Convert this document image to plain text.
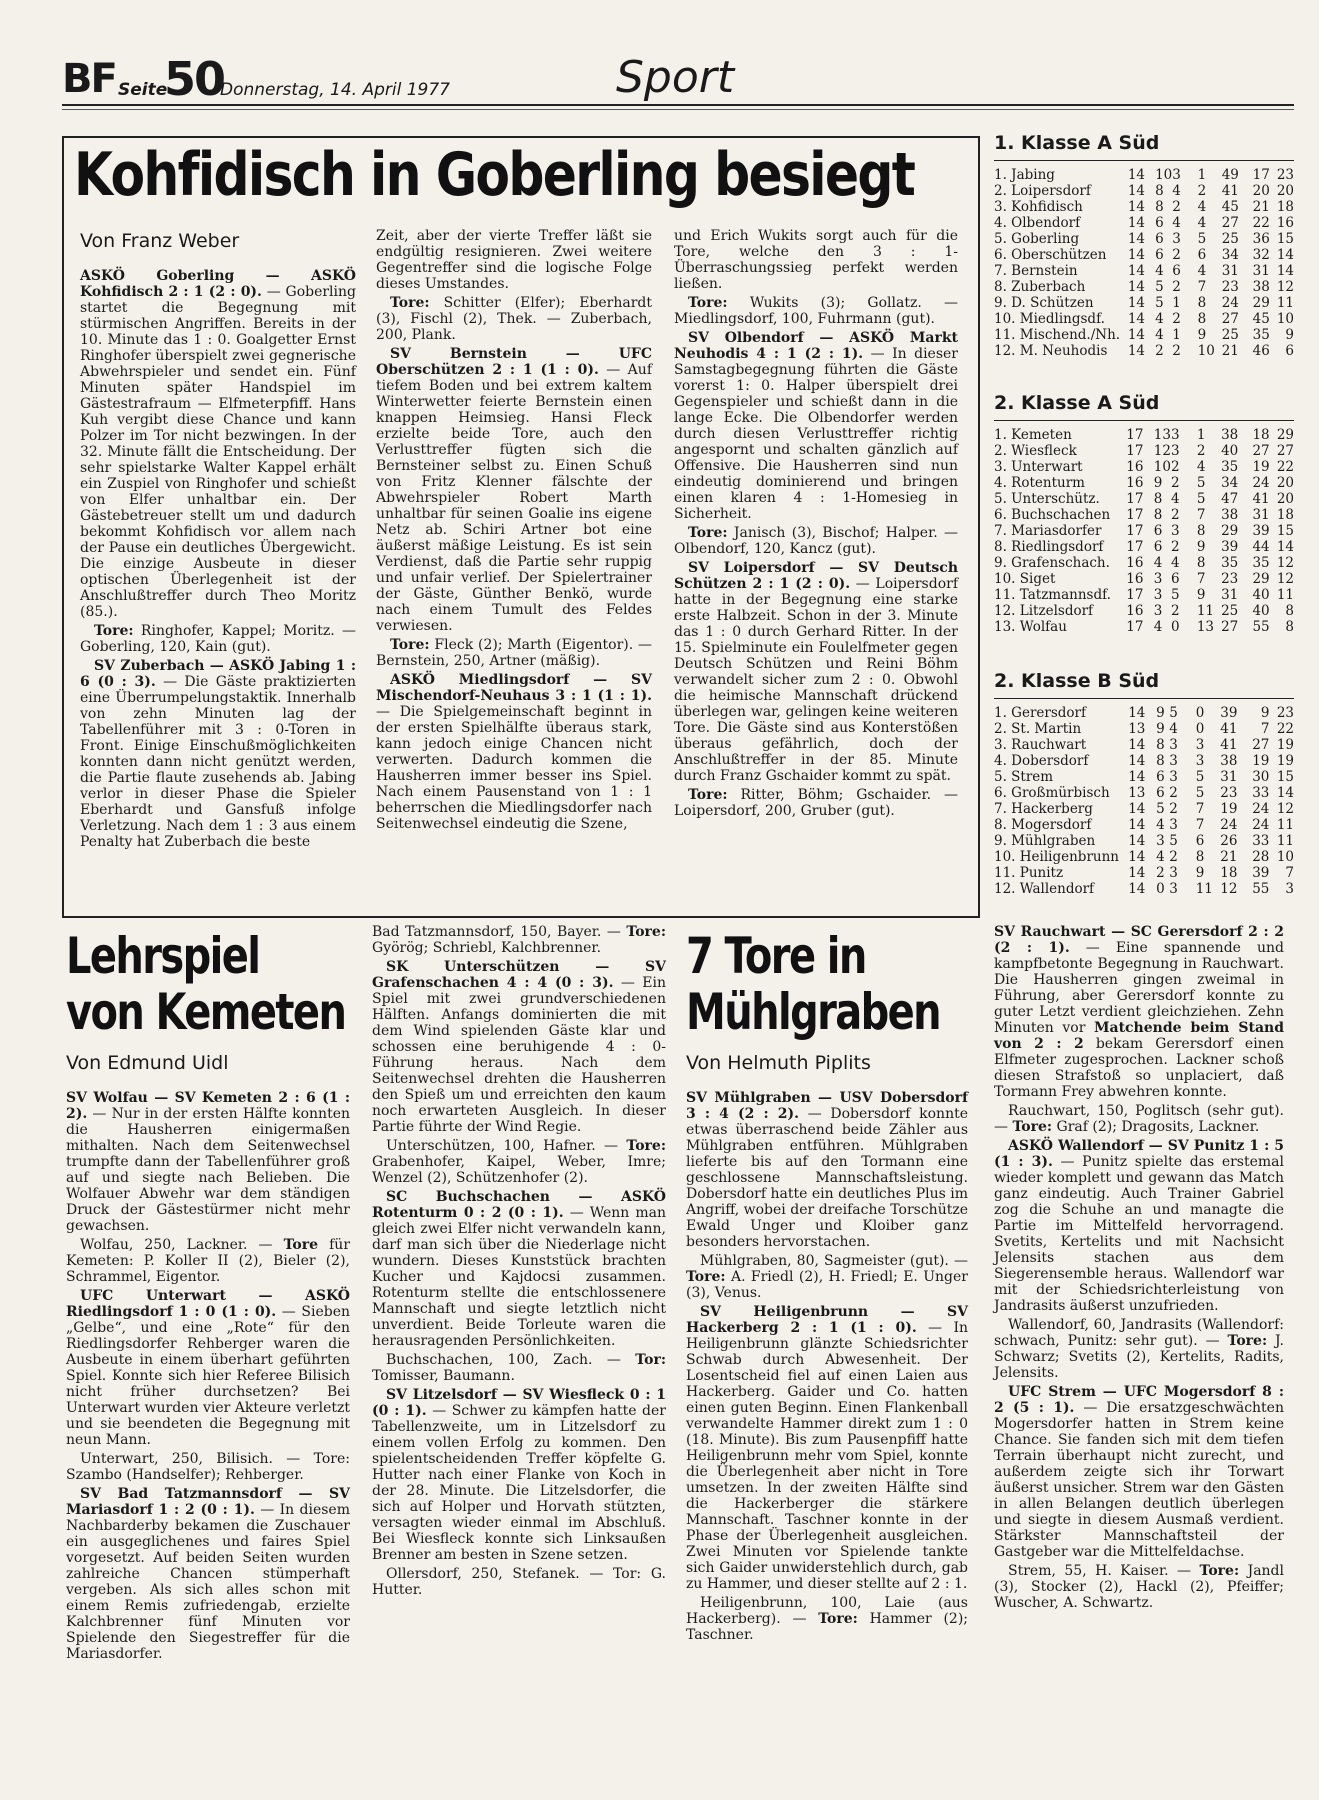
BF Seite
50
Donnerstag, 14. April 1977	Sport
Kohfidisch in Goberling besiegt
Von Franz Weber

ASKÖ Goberling — ASKÖ Kohfidisch 2 : 1 (2 : 0). — Goberling startet die Begegnung mit stürmischen Angriffen. Bereits in der 10. Minute das 1 : 0. Goalgetter Ernst Ringhofer überspielt zwei gegnerische Abwehrspieler und sendet ein. Fünf Minuten später Handspiel im Gästestrafraum — Elfmeterpfiff. Hans Kuh vergibt diese Chance und kann Polzer im Tor nicht bezwingen. In der 32. Minute fällt die Entscheidung. Der sehr spielstarke Walter Kappel erhält ein Zuspiel von Ringhofer und schießt von Elfer unhaltbar ein. Der Gästebetreuer stellt um und dadurch bekommt Kohfidisch vor allem nach der Pause ein deutliches Übergewicht. Die einzige Ausbeute in dieser optischen Überlegenheit ist der Anschlußtreffer durch Theo Moritz (85.).

Tore: Ringhofer, Kappel; Moritz. — Goberling, 120, Kain (gut).

SV Zuberbach — ASKÖ Jabing 1 : 6 (0 : 3). — Die Gäste praktizierten eine Überrumpelungstaktik. Innerhalb von zehn Minuten lag der Tabellenführer mit 3 : 0-Toren in Front. Einige Einschußmöglichkeiten konnten dann nicht genützt werden, die Partie flaute zusehends ab. Jabing verlor in dieser Phase die Spieler Eberhardt und Gansfuß infolge Verletzung. Nach dem 1 : 3 aus einem Penalty hat Zuberbach die beste

Zeit, aber der vierte Treffer läßt sie endgültig resignieren. Zwei weitere Gegentreffer sind die logische Folge dieses Umstandes.

Tore: Schitter (Elfer); Eberhardt (3), Fischl (2), Thek. — Zuberbach, 200, Plank.

SV Bernstein — UFC Oberschützen 2 : 1 (1 : 0). — Auf tiefem Boden und bei extrem kaltem Winterwetter feierte Bernstein einen knappen Heimsieg. Hansi Fleck erzielte beide Tore, auch den Verlusttreffer fügten sich die Bernsteiner selbst zu. Einen Schuß von Fritz Klenner fälschte der Abwehrspieler Robert Marth unhaltbar für seinen Goalie ins eigene Netz ab. Schiri Artner bot eine äußerst mäßige Leistung. Es ist sein Verdienst, daß die Partie sehr ruppig und unfair verlief. Der Spielertrainer der Gäste, Günther Benkö, wurde nach einem Tumult des Feldes verwiesen.

Tore: Fleck (2); Marth (Eigentor). — Bernstein, 250, Artner (mäßig).

ASKÖ Miedlingsdorf — SV Mischendorf-Neuhaus 3 : 1 (1 : 1). — Die Spielgemeinschaft beginnt in der ersten Spielhälfte überaus stark, kann jedoch einige Chancen nicht verwerten. Dadurch kommen die Hausherren immer besser ins Spiel. Nach einem Pausenstand von 1 : 1 beherrschen die Miedlingsdorfer nach Seitenwechsel eindeutig die Szene,

und Erich Wukits sorgt auch für die Tore, welche den 3 : 1-Überraschungssieg perfekt werden ließen.

Tore: Wukits (3); Gollatz. — Miedlingsdorf, 100, Fuhrmann (gut).

SV Olbendorf — ASKÖ Markt Neuhodis 4 : 1 (2 : 1). — In dieser Samstagbegegnung führten die Gäste vorerst 1: 0. Halper überspielt drei Gegenspieler und schießt dann in die lange Ecke. Die Olbendorfer werden durch diesen Verlusttreffer richtig angespornt und schalten gänzlich auf Offensive. Die Hausherren sind nun eindeutig dominierend und bringen einen klaren 4 : 1-Homesieg in Sicherheit.

Tore: Janisch (3), Bischof; Halper. — Olbendorf, 120, Kancz (gut).

SV Loipersdorf — SV Deutsch Schützen 2 : 1 (2 : 0). — Loipersdorf hatte in der Begegnung eine starke erste Halbzeit. Schon in der 3. Minute das 1 : 0 durch Gerhard Ritter. In der 15. Spielminute ein Foulelfmeter gegen Deutsch Schützen und Reini Böhm verwandelt sicher zum 2 : 0. Obwohl die heimische Mannschaft drückend überlegen war, gelingen keine weiteren Tore. Die Gäste sind aus Konterstößen überaus gefährlich, doch der Anschlußtreffer in der 85. Minute durch Franz Gschaider kommt zu spät.

Tore: Ritter, Böhm; Gschaider. — Loipersdorf, 200, Gruber (gut).

1. Klasse A Süd
1. Jabing	14	10	3	1	49	17	23
2. Loipersdorf	14	8	4	2	41	20	20
3. Kohfidisch	14	8	2	4	45	21	18
4. Olbendorf	14	6	4	4	27	22	16
5. Goberling	14	6	3	5	25	36	15
6. Oberschützen	14	6	2	6	34	32	14
7. Bernstein	14	4	6	4	31	31	14
8. Zuberbach	14	5	2	7	23	38	12
9. D. Schützen	14	5	1	8	24	29	11
10. Miedlingsdf.	14	4	2	8	27	45	10
11. Mischend./Nh.	14	4	1	9	25	35	9
12. M. Neuhodis	14	2	2	10	21	46	6
2. Klasse A Süd
1. Kemeten	17	13	3	1	38	18	29
2. Wiesfleck	17	12	3	2	40	27	27
3. Unterwart	16	10	2	4	35	19	22
4. Rotenturm	16	9	2	5	34	24	20
5. Unterschütz.	17	8	4	5	47	41	20
6. Buchschachen	17	8	2	7	38	31	18
7. Mariasdorfer	17	6	3	8	29	39	15
8. Riedlingsdorf	17	6	2	9	39	44	14
9. Grafenschach.	16	4	4	8	35	35	12
10. Siget	16	3	6	7	23	29	12
11. Tatzmannsdf.	17	3	5	9	31	40	11
12. Litzelsdorf	16	3	2	11	25	40	8
13. Wolfau	17	4	0	13	27	55	8
2. Klasse B Süd
1. Gerersdorf	14	9	5	0	39	9	23
2. St. Martin	13	9	4	0	41	7	22
3. Rauchwart	14	8	3	3	41	27	19
4. Dobersdorf	14	8	3	3	38	19	19
5. Strem	14	6	3	5	31	30	15
6. Großmürbisch	13	6	2	5	23	33	14
7. Hackerberg	14	5	2	7	19	24	12
8. Mogersdorf	14	4	3	7	24	24	11
9. Mühlgraben	14	3	5	6	26	33	11
10. Heiligenbrunn	14	4	2	8	21	28	10
11. Punitz	14	2	3	9	18	39	7
12. Wallendorf	14	0	3	11	12	55	3
Lehrspiel
von Kemeten
Von Edmund Uidl

SV Wolfau — SV Kemeten 2 : 6 (1 : 2). — Nur in der ersten Hälfte konnten die Hausherren einigermaßen mithalten. Nach dem Seitenwechsel trumpfte dann der Tabellenführer groß auf und siegte nach Belieben. Die Wolfauer Abwehr war dem ständigen Druck der Gästestürmer nicht mehr gewachsen.

Wolfau, 250, Lackner. — Tore für Kemeten: P. Koller II (2), Bieler (2), Schrammel, Eigentor.

UFC Unterwart — ASKÖ Riedlingsdorf 1 : 0 (1 : 0). — Sieben „Gelbe“, und eine „Rote“ für den Riedlingsdorfer Rehberger waren die Ausbeute in einem überhart geführten Spiel. Konnte sich hier Referee Bilisich nicht früher durchsetzen? Bei Unterwart wurden vier Akteure verletzt und sie beendeten die Begegnung mit neun Mann.

Unterwart, 250, Bilisich. — Tore: Szambo (Handselfer); Rehberger.

SV Bad Tatzmannsdorf — SV Mariasdorf 1 : 2 (0 : 1). — In diesem Nachbarderby bekamen die Zuschauer ein ausgeglichenes und faires Spiel vorgesetzt. Auf beiden Seiten wurden zahlreiche Chancen stümperhaft vergeben. Als sich alles schon mit einem Remis zufriedengab, erzielte Kalchbrenner fünf Minuten vor Spielende den Siegestreffer für die Mariasdorfer.

Bad Tatzmannsdorf, 150, Bayer. — Tore: Györög; Schriebl, Kalchbrenner.

SK Unterschützen — SV Grafenschachen 4 : 4 (0 : 3). — Ein Spiel mit zwei grundverschiedenen Hälften. Anfangs dominierten die mit dem Wind spielenden Gäste klar und schossen eine beruhigende 4 : 0-Führung heraus. Nach dem Seitenwechsel drehten die Hausherren den Spieß um und erreichten den kaum noch erwarteten Ausgleich. In dieser Partie führte der Wind Regie.

Unterschützen, 100, Hafner. — Tore: Grabenhofer, Kaipel, Weber, Imre; Wenzel (2), Schützenhofer (2).

SC Buchschachen — ASKÖ Rotenturm 0 : 2 (0 : 1). — Wenn man gleich zwei Elfer nicht verwandeln kann, darf man sich über die Niederlage nicht wundern. Dieses Kunststück brachten Kucher und Kajdocsi zusammen. Rotenturm stellte die entschlossenere Mannschaft und siegte letztlich nicht unverdient. Beide Torleute waren die herausragenden Persönlichkeiten.

Buchschachen, 100, Zach. — Tor: Tomisser, Baumann.

SV Litzelsdorf — SV Wiesfleck 0 : 1 (0 : 1). — Schwer zu kämpfen hatte der Tabellenzweite, um in Litzelsdorf zu einem vollen Erfolg zu kommen. Den spielentscheidenden Treffer köpfelte G. Hutter nach einer Flanke von Koch in der 28. Minute. Die Litzelsdorfer, die sich auf Holper und Horvath stützten, versagten wieder einmal im Abschluß. Bei Wiesfleck konnte sich Linksaußen Brenner am besten in Szene setzen.

Ollersdorf, 250, Stefanek. — Tor: G. Hutter.

7 Tore in
Mühlgraben
Von Helmuth Piplits

SV Mühlgraben — USV Dobersdorf 3 : 4 (2 : 2). — Dobersdorf konnte etwas überraschend beide Zähler aus Mühlgraben entführen. Mühlgraben lieferte bis auf den Tormann eine geschlossene Mannschaftsleistung. Dobersdorf hatte ein deutliches Plus im Angriff, wobei der dreifache Torschütze Ewald Unger und Kloiber ganz besonders hervorstachen.

Mühlgraben, 80, Sagmeister (gut). — Tore: A. Friedl (2), H. Friedl; E. Unger (3), Venus.

SV Heiligenbrunn — SV Hackerberg 2 : 1 (1 : 0). — In Heiligenbrunn glänzte Schiedsrichter Schwab durch Abwesenheit. Der Losentscheid fiel auf einen Laien aus Hackerberg. Gaider und Co. hatten einen guten Beginn. Einen Flankenball verwandelte Hammer direkt zum 1 : 0 (18. Minute). Bis zum Pausenpfiff hatte Heiligenbrunn mehr vom Spiel, konnte die Überlegenheit aber nicht in Tore umsetzen. In der zweiten Hälfte sind die Hackerberger die stärkere Mannschaft. Taschner konnte in der Phase der Überlegenheit ausgleichen. Zwei Minuten vor Spielende tankte sich Gaider unwiderstehlich durch, gab zu Hammer, und dieser stellte auf 2 : 1.

Heiligenbrunn, 100, Laie (aus Hackerberg). — Tore: Hammer (2); Taschner.

SV Rauchwart — SC Gerersdorf 2 : 2 (2 : 1). — Eine spannende und kampfbetonte Begegnung in Rauchwart. Die Hausherren gingen zweimal in Führung, aber Gerersdorf konnte zu guter Letzt verdient gleichziehen. Zehn Minuten vor Matchende beim Stand von 2 : 2 bekam Gerersdorf einen Elfmeter zugesprochen. Lackner schoß diesen Strafstoß so unplaciert, daß Tormann Frey abwehren konnte.

Rauchwart, 150, Poglitsch (sehr gut). — Tore: Graf (2); Dragosits, Lackner.

ASKÖ Wallendorf — SV Punitz 1 : 5 (1 : 3). — Punitz spielte das erstemal wieder komplett und gewann das Match ganz eindeutig. Auch Trainer Gabriel zog die Schuhe an und managte die Partie im Mittelfeld hervorragend. Svetits, Kertelits und mit Nachsicht Jelensits stachen aus dem Siegerensemble heraus. Wallendorf war mit der Schiedsrichterleistung von Jandrasits äußerst unzufrieden.

Wallendorf, 60, Jandrasits (Wallendorf: schwach, Punitz: sehr gut). — Tore: J. Schwarz; Svetits (2), Kertelits, Radits, Jelensits.

UFC Strem — UFC Mogersdorf 8 : 2 (5 : 1). — Die ersatzgeschwächten Mogersdorfer hatten in Strem keine Chance. Sie fanden sich mit dem tiefen Terrain überhaupt nicht zurecht, und außerdem zeigte sich ihr Torwart äußerst unsicher. Strem war den Gästen in allen Belangen deutlich überlegen und siegte in diesem Ausmaß verdient. Stärkster Mannschaftsteil der Gastgeber war die Mittelfeldachse.

Strem, 55, H. Kaiser. — Tore: Jandl (3), Stocker (2), Hackl (2), Pfeiffer; Wuscher, A. Schwartz.
